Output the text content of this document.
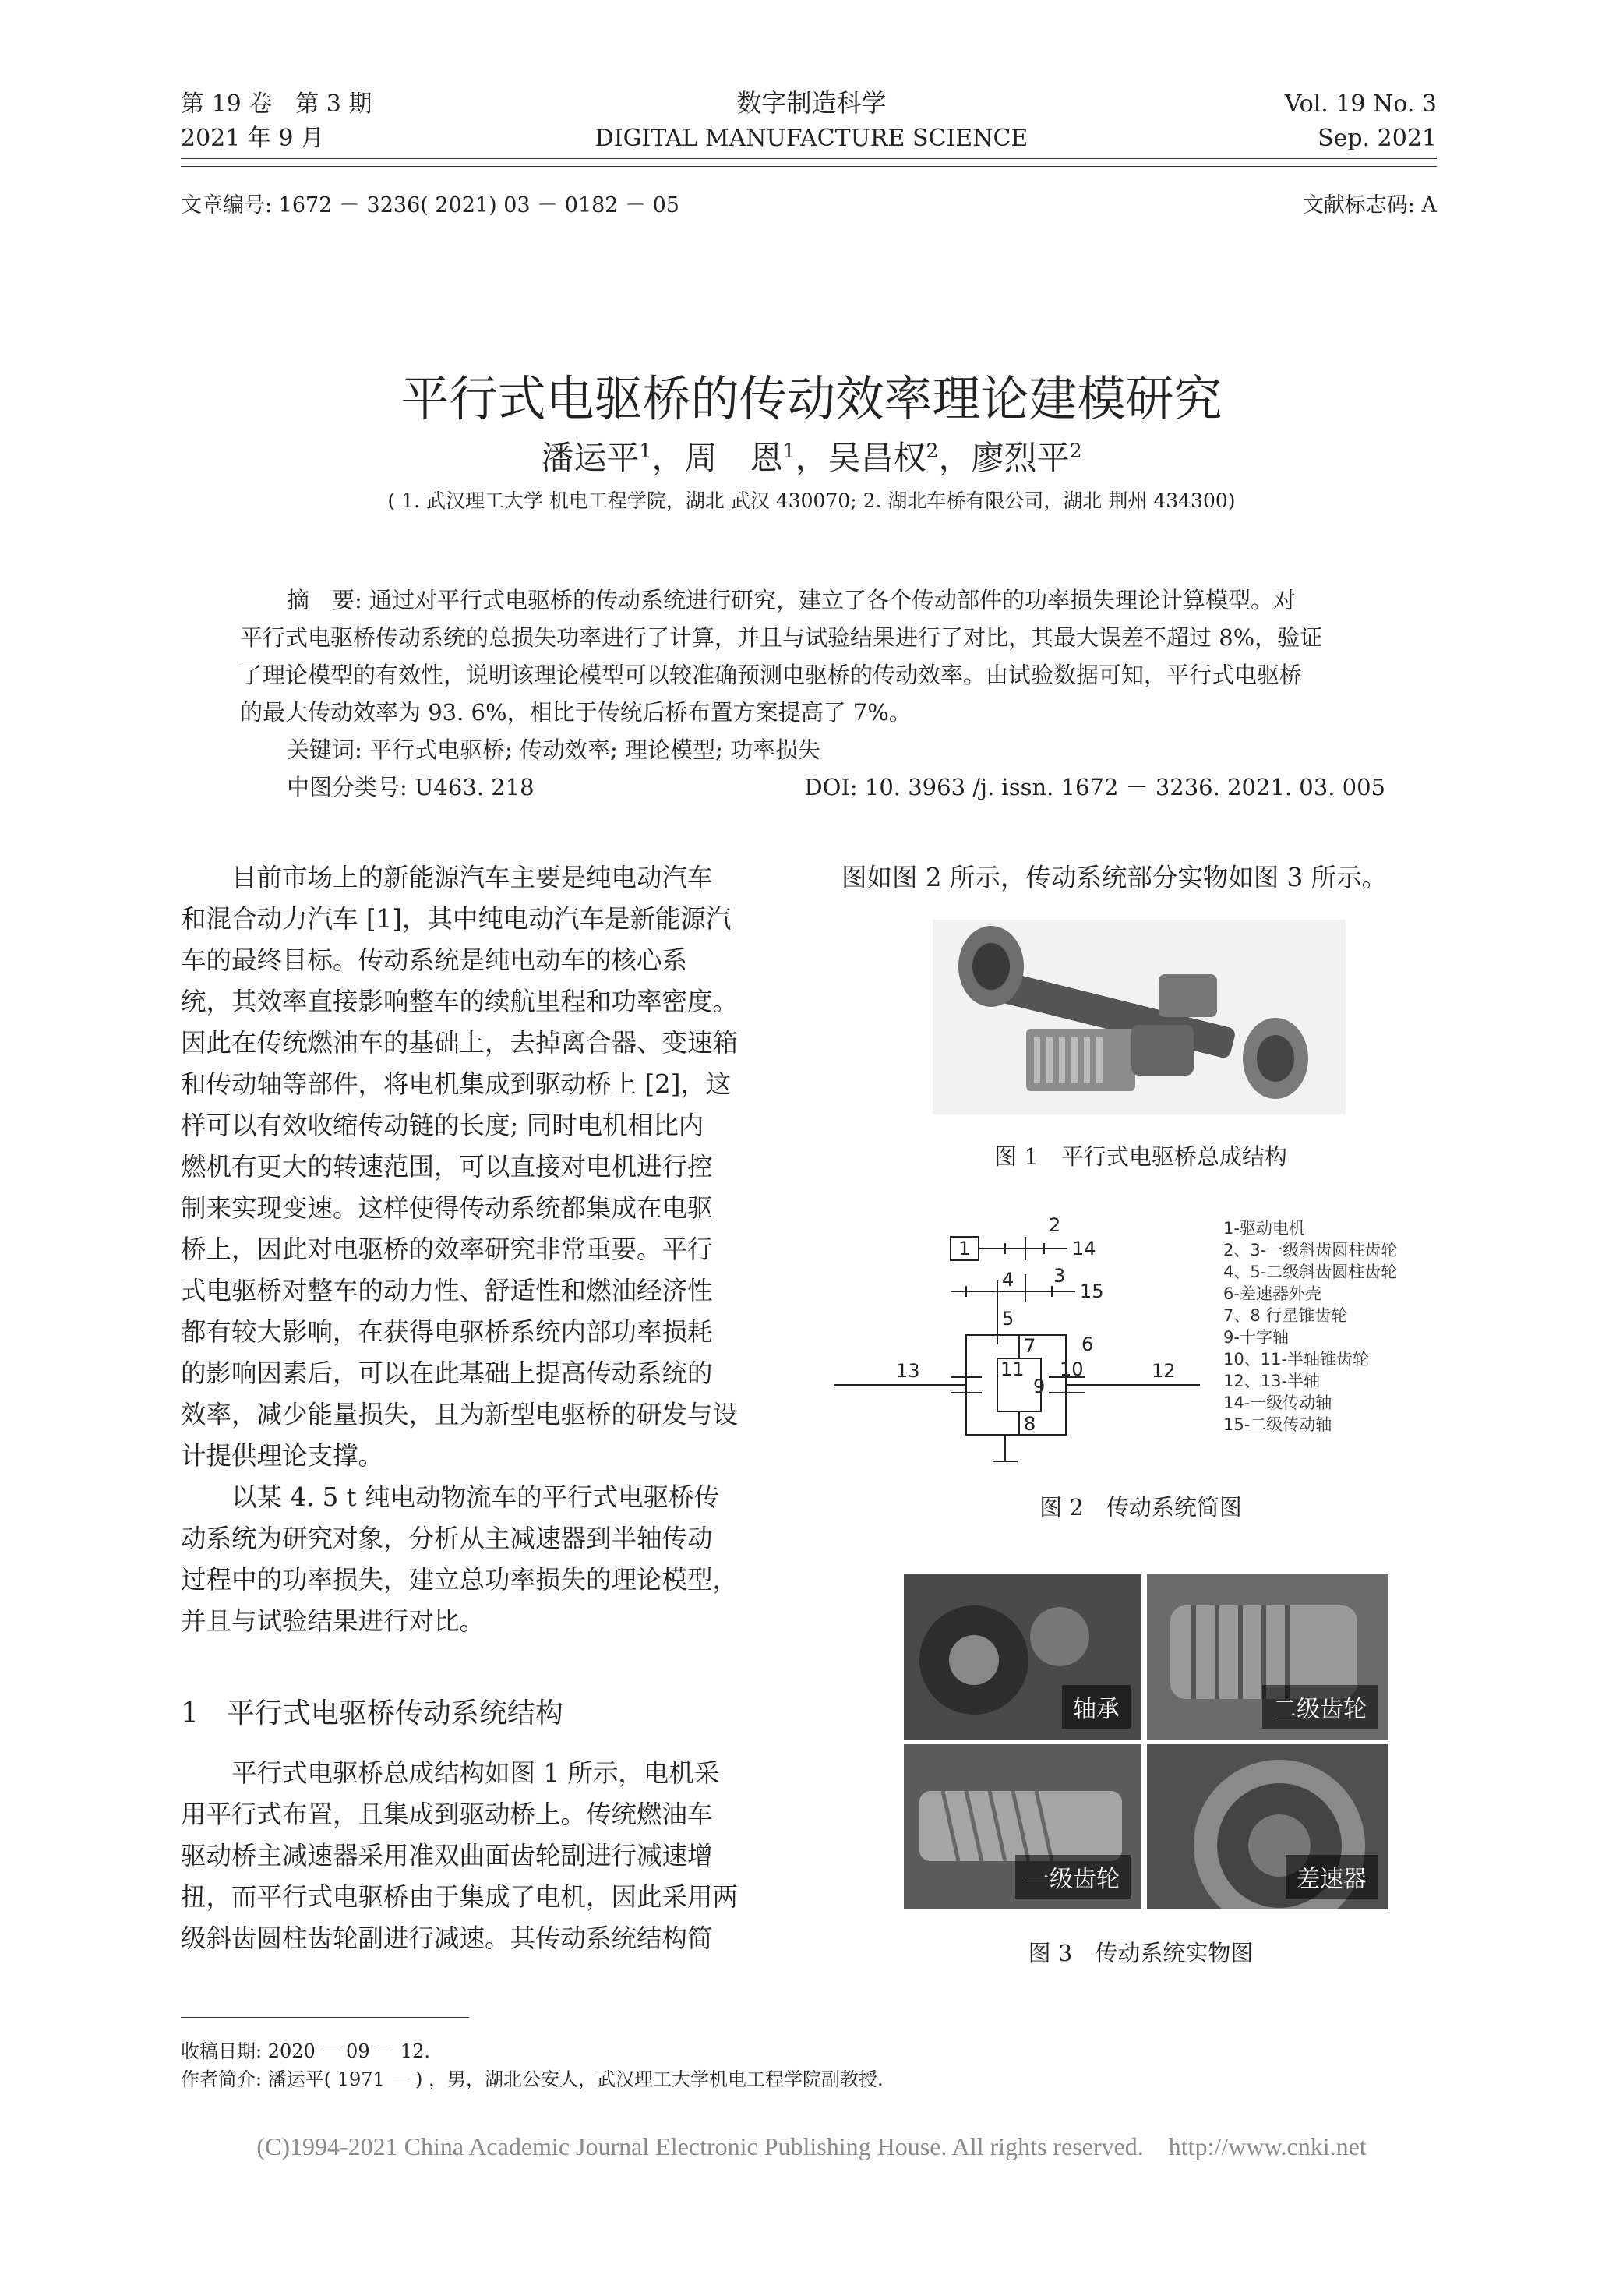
第 19 卷　第 3 期
2021 年 9 月
数字制造科学
DIGITAL MANUFACTURE SCIENCE
Vol. 19 No. 3
Sep. 2021
文章编号: 1672 － 3236( 2021) 03 － 0182 － 05	文献标志码: A
平行式电驱桥的传动效率理论建模研究
潘运平$^1$，周　恩$^1$，吴昌权$^2$，廖烈平$^2$
( 1. 武汉理工大学 机电工程学院，湖北 武汉 430070; 2. 湖北车桥有限公司，湖北 荆州 434300)
摘　要: 通过对平行式电驱桥的传动系统进行研究，建立了各个传动部件的功率损失理论计算模型。对
平行式电驱桥传动系统的总损失功率进行了计算，并且与试验结果进行了对比，其最大误差不超过 8%，验证
了理论模型的有效性，说明该理论模型可以较准确预测电驱桥的传动效率。由试验数据可知，平行式电驱桥
的最大传动效率为 93. 6%，相比于传统后桥布置方案提高了 7%。
关键词: 平行式电驱桥; 传动效率; 理论模型; 功率损失
中图分类号: U463. 218	DOI: 10. 3963 /j. issn. 1672 － 3236. 2021. 03. 005
目前市场上的新能源汽车主要是纯电动汽车
和混合动力汽车 [1]，其中纯电动汽车是新能源汽
车的最终目标。传动系统是纯电动车的核心系
统，其效率直接影响整车的续航里程和功率密度。
因此在传统燃油车的基础上，去掉离合器、变速箱
和传动轴等部件，将电机集成到驱动桥上 [2]，这
样可以有效收缩传动链的长度; 同时电机相比内
燃机有更大的转速范围，可以直接对电机进行控
制来实现变速。这样使得传动系统都集成在电驱
桥上，因此对电驱桥的效率研究非常重要。平行
式电驱桥对整车的动力性、舒适性和燃油经济性
都有较大影响，在获得电驱桥系统内部功率损耗
的影响因素后，可以在此基础上提高传动系统的
效率，减少能量损失，且为新型电驱桥的研发与设
计提供理论支撑。
以某 4. 5 t 纯电动物流车的平行式电驱桥传
动系统为研究对象，分析从主减速器到半轴传动
过程中的功率损失，建立总功率损失的理论模型，
并且与试验结果进行对比。
1　平行式电驱桥传动系统结构
平行式电驱桥总成结构如图 1 所示，电机采
用平行式布置，且集成到驱动桥上。传统燃油车
驱动桥主减速器采用准双曲面齿轮副进行减速增
扭，而平行式电驱桥由于集成了电机，因此采用两
级斜齿圆柱齿轮副进行减速。其传动系统结构简
图如图 2 所示，传动系统部分实物如图 3 所示。
图 1　平行式电驱桥总成结构
1
2
3
4
5
6
7
8
9
10
11	12
13
14
15
1-驱动电机
2、3-一级斜齿圆柱齿轮
4、5-二级斜齿圆柱齿轮
6-差速器外壳
7、8 行星锥齿轮
9-十字轴
10、11-半轴锥齿轮
12、13-半轴
14-一级传动轴
15-二级传动轴
图 2　传动系统简图
轴承	二级齿轮
一级齿轮	差速器
图 3　传动系统实物图
收稿日期: 2020 － 09 － 12.
作者简介: 潘运平( 1971 － ) ，男，湖北公安人，武汉理工大学机电工程学院副教授.
(C)1994-2021 China Academic Journal Electronic Publishing House. All rights reserved.    http://www.cnki.net
